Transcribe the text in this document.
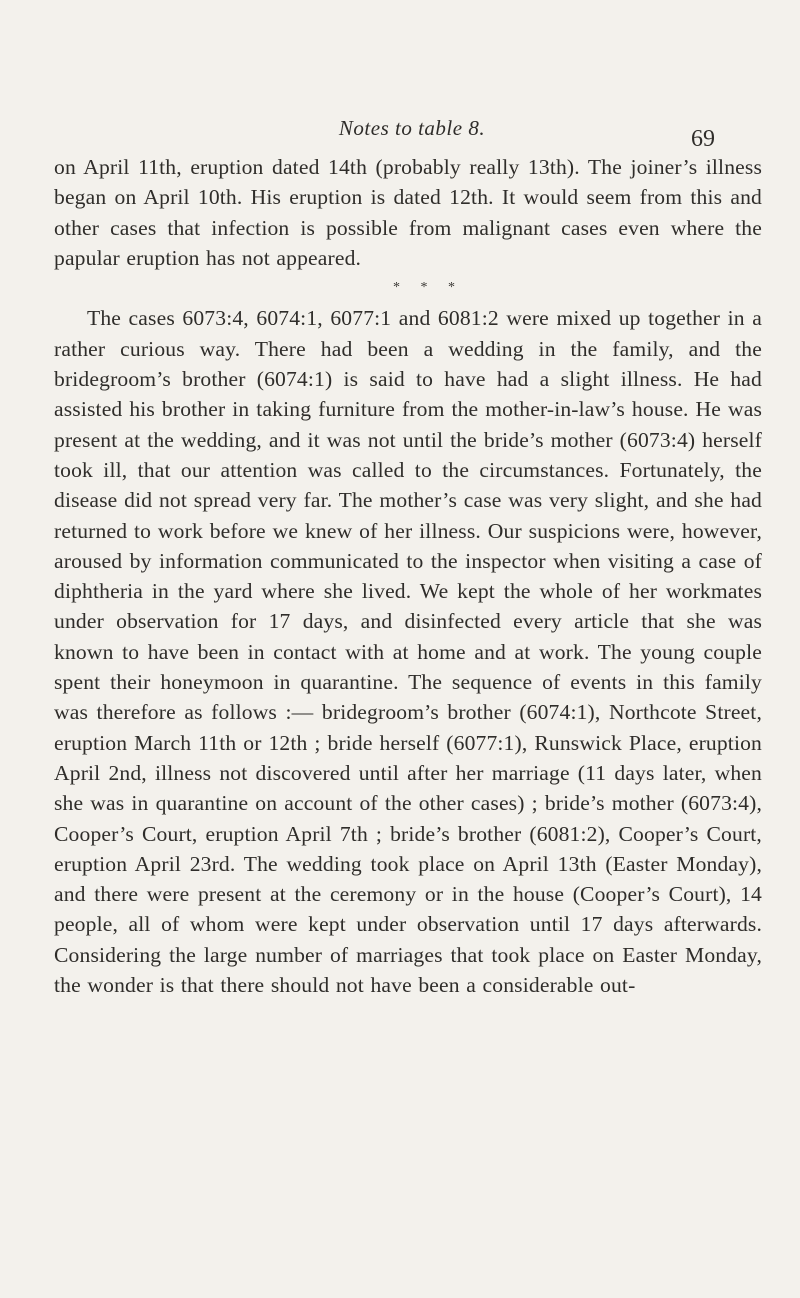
Notes to table 8.	69

on April 11th, eruption dated 14th (probably really 13th). The joiner’s illness began on April 10th. His eruption is dated 12th. It would seem from this and other cases that infection is possible from malignant cases even where the papular eruption has not appeared.

* * *

The cases 6073:4, 6074:1, 6077:1 and 6081:2 were mixed up together in a rather curious way. There had been a wedding in the family, and the bridegroom’s brother (6074:1) is said to have had a slight illness. He had assisted his brother in taking furniture from the mother-in-law’s house. He was present at the wedding, and it was not until the bride’s mother (6073:4) herself took ill, that our attention was called to the circumstances. Fortunately, the disease did not spread very far. The mother’s case was very slight, and she had returned to work before we knew of her illness. Our suspicions were, however, aroused by information communicated to the inspector when visiting a case of diphtheria in the yard where she lived. We kept the whole of her workmates under observation for 17 days, and disinfected every article that she was known to have been in contact with at home and at work. The young couple spent their honeymoon in quarantine. The sequence of events in this family was therefore as follows :— bridegroom’s brother (6074:1), Northcote Street, eruption March 11th or 12th ; bride herself (6077:1), Runswick Place, eruption April 2nd, illness not discovered until after her marriage (11 days later, when she was in quarantine on account of the other cases) ; bride’s mother (6073:4), Cooper’s Court, eruption April 7th ; bride’s brother (6081:2), Cooper’s Court, eruption April 23rd. The wedding took place on April 13th (Easter Monday), and there were present at the ceremony or in the house (Cooper’s Court), 14 people, all of whom were kept under observation until 17 days afterwards. Considering the large number of marriages that took place on Easter Monday, the wonder is that there should not have been a considerable out-
